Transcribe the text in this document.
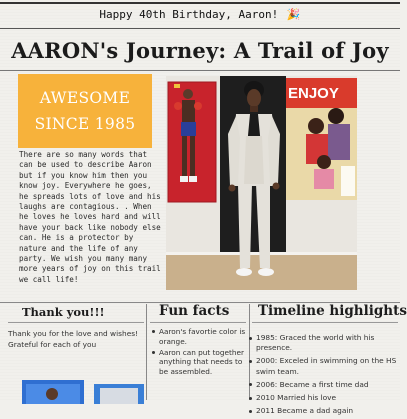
Happy 40th Birthday, Aaron! 🎉
AARON's Journey: A Trail of Joy
AWESOME
SINCE 1985

There are so many words that can be used to describe Aaron but if you know him then you know joy. Everywhere he goes, he spreads lots of love and his laughs are contagious. . When he loves he loves hard and will have your back like nobody else can. He is a protector by nature and the life of any party. We wish you many many more years of joy on this trail we call life!

ENJOY
Thank you!!!

Thank you for the love and wishes! Grateful for each of you

Fun facts
Aaron's favortie color is orange.
Aaron can put together anything that needs to be assembled.
Timeline highlights
1985: Graced the world with his presence.
2000: Exceled in swimming on the HS swim team.
2006: Became a first time dad
2010 Married his love
2011 Became a dad again
